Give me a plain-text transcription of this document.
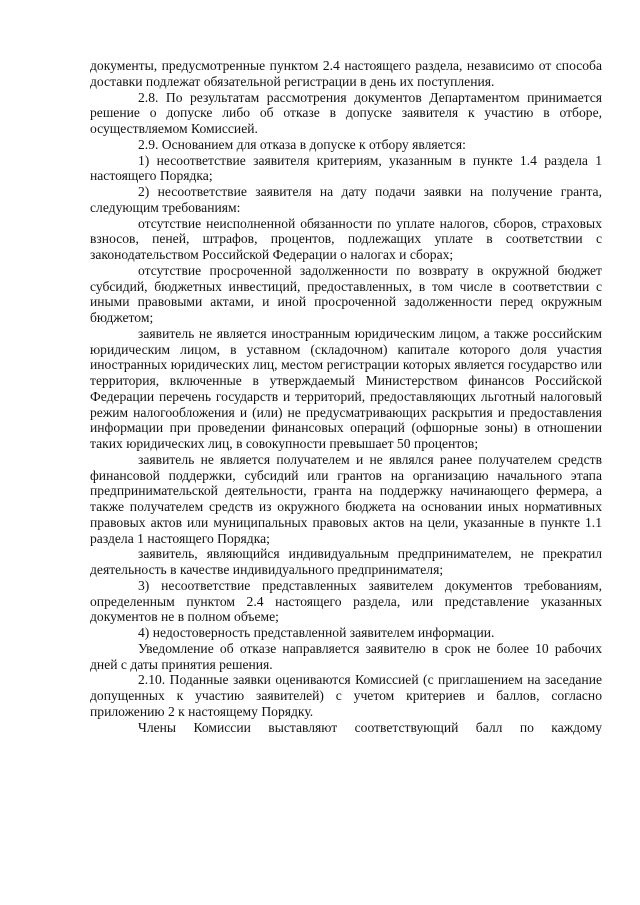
документы, предусмотренные пунктом 2.4 настоящего раздела, независимо от способа доставки подлежат обязательной регистрации в день их поступления.

2.8. По результатам рассмотрения документов Департаментом принимается решение о допуске либо об отказе в допуске заявителя к участию в отборе, осуществляемом Комиссией.

2.9. Основанием для отказа в допуске к отбору является:

1) несоответствие заявителя критериям, указанным в пункте 1.4 раздела 1 настоящего Порядка;

2) несоответствие заявителя на дату подачи заявки на получение гранта, следующим требованиям:

отсутствие неисполненной обязанности по уплате налогов, сборов, страховых взносов, пеней, штрафов, процентов, подлежащих уплате в соответствии с законодательством Российской Федерации о налогах и сборах;

отсутствие просроченной задолженности по возврату в окружной бюджет субсидий, бюджетных инвестиций, предоставленных, в том числе в соответствии с иными правовыми актами, и иной просроченной задолженности перед окружным бюджетом;

заявитель не является иностранным юридическим лицом, а также российским юридическим лицом, в уставном (складочном) капитале которого доля участия иностранных юридических лиц, местом регистрации которых является государство или территория, включенные в утверждаемый Министерством финансов Российской Федерации перечень государств и территорий, предоставляющих льготный налоговый режим налогообложения и (или) не предусматривающих раскрытия и предоставления информации при проведении финансовых операций (офшорные зоны) в отношении таких юридических лиц, в совокупности превышает 50 процентов;

заявитель не является получателем и не являлся ранее получателем средств финансовой поддержки, субсидий или грантов на организацию начального этапа предпринимательской деятельности, гранта на поддержку начинающего фермера, а также получателем средств из окружного бюджета на основании иных нормативных правовых актов или муниципальных правовых актов на цели, указанные в пункте 1.1 раздела 1 настоящего Порядка;

заявитель, являющийся индивидуальным предпринимателем, не прекратил деятельность в качестве индивидуального предпринимателя;

3) несоответствие представленных заявителем документов требованиям, определенным пунктом 2.4 настоящего раздела, или представление указанных документов не в полном объеме;

4) недостоверность представленной заявителем информации.

Уведомление об отказе направляется заявителю в срок не более 10 рабочих дней с даты принятия решения.

2.10. Поданные заявки оцениваются Комиссией (с приглашением на заседание допущенных к участию заявителей) с учетом критериев и баллов, согласно приложению 2 к настоящему Порядку.

Члены Комиссии выставляют соответствующий балл по каждому
